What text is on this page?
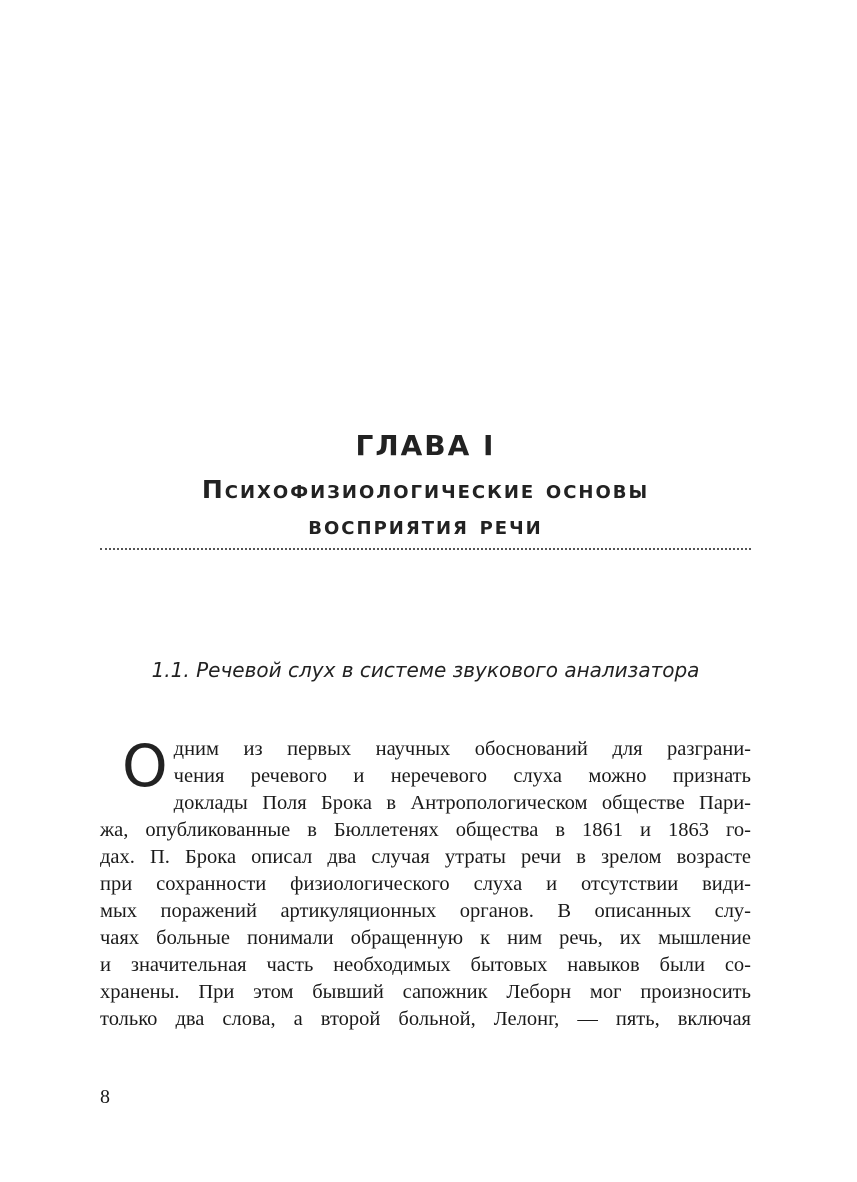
ГЛАВА I
Психофизиологические основы
восприятия речи
1.1. Речевой слух в системе звукового анализатора
О дним из первых научных обоснований для разграни-
чения речевого и неречевого слуха можно признать
доклады Поля Брока в Антропологическом обществе Пари-
жа, опубликованные в Бюллетенях общества в 1861 и 1863 го-
дах. П. Брока описал два случая утраты речи в зрелом возрасте
при сохранности физиологического слуха и отсутствии види-
мых поражений артикуляционных органов. В описанных слу-
чаях больные понимали обращенную к ним речь, их мышление
и значительная часть необходимых бытовых навыков были со-
хранены. При этом бывший сапожник Леборн мог произносить
только два слова, а второй больной, Лелонг, — пять, включая
8
